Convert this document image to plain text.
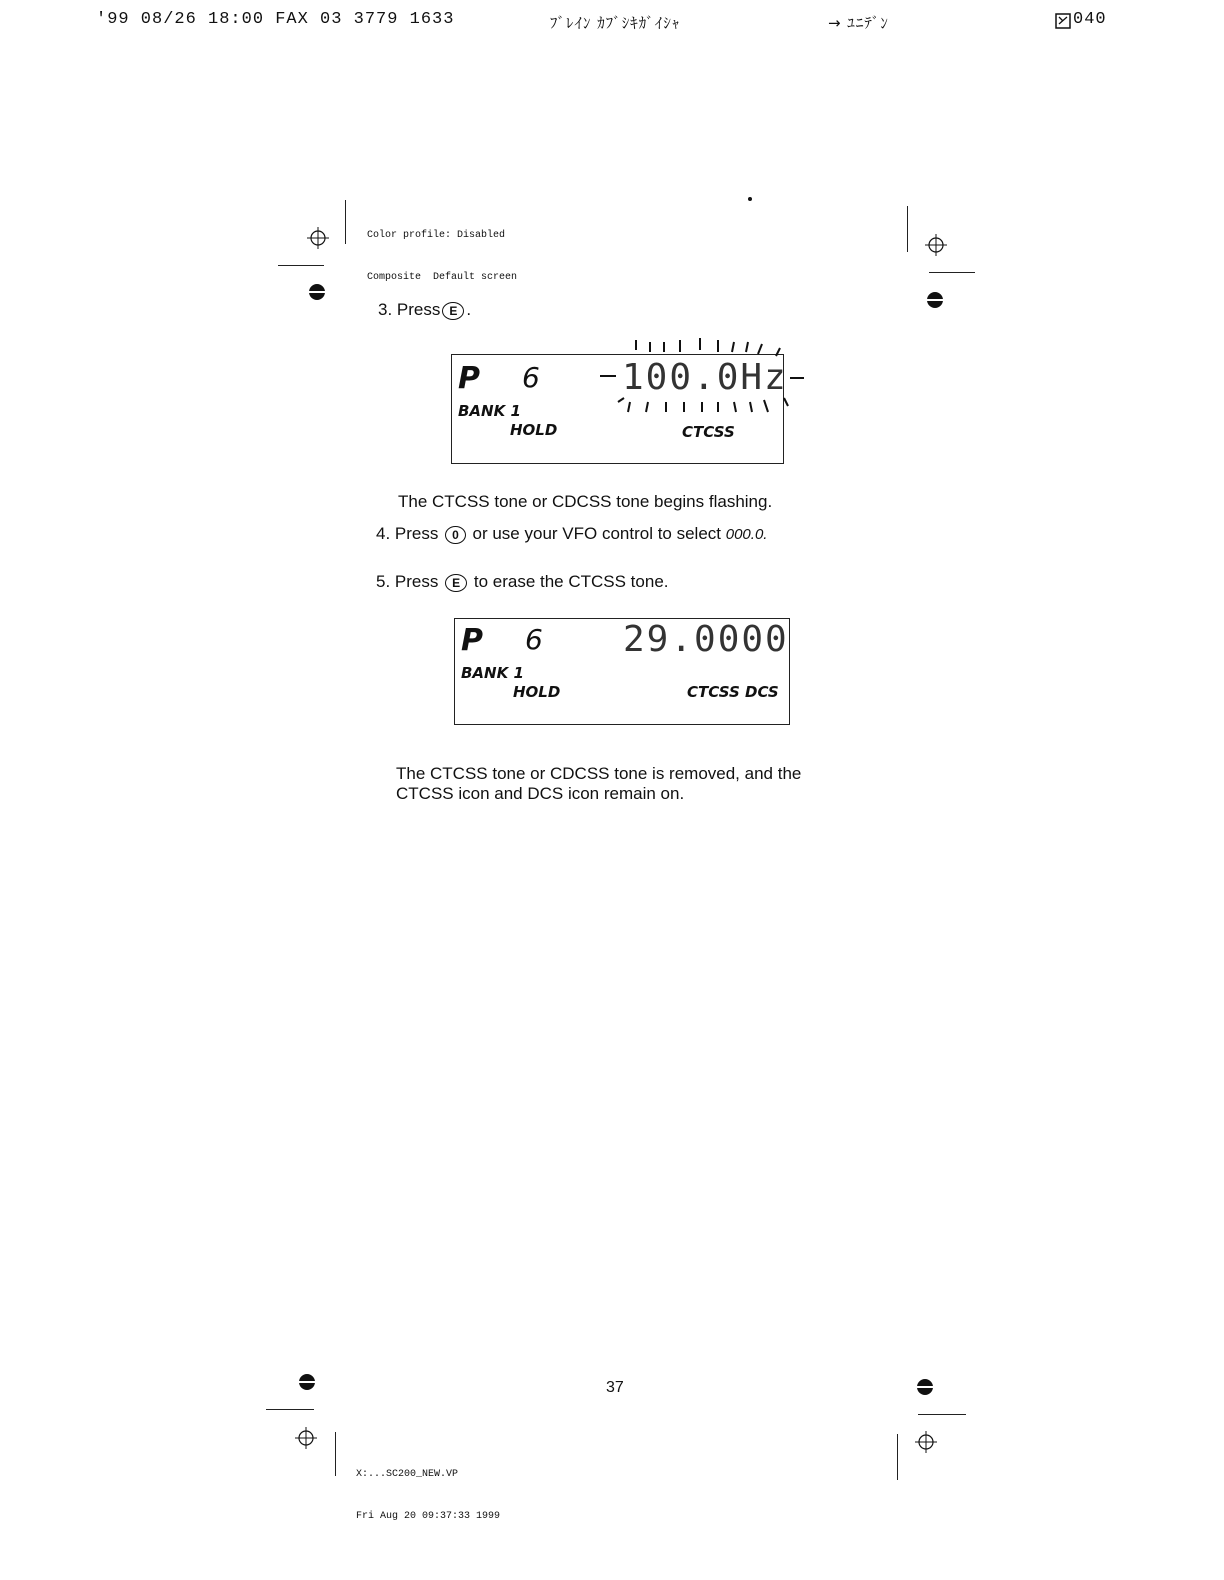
'99 08/26 18:00 FAX 03 3779 1633	ﾌﾞﾚｲﾝ ｶﾌﾞｼｷｶﾞｲｼｬ	→ ﾕﾆﾃﾞﾝ	040

Color profile: Disabled

Composite  Default screen

3. Press E .
P 6 100.0Hz
BANK 1
HOLD	CTCSS
The CTCSS tone or CDCSS tone begins flashing.
4. Press 0 or use your VFO control to select 000.0.
5. Press E to erase the CTCSS tone.
P 6 29.0000
BANK 1
HOLD	CTCSS DCS
The CTCSS tone or CDCSS tone is removed, and the
CTCSS icon and DCS icon remain on.
37

X:...SC200_NEW.VP

Fri Aug 20 09:37:33 1999
